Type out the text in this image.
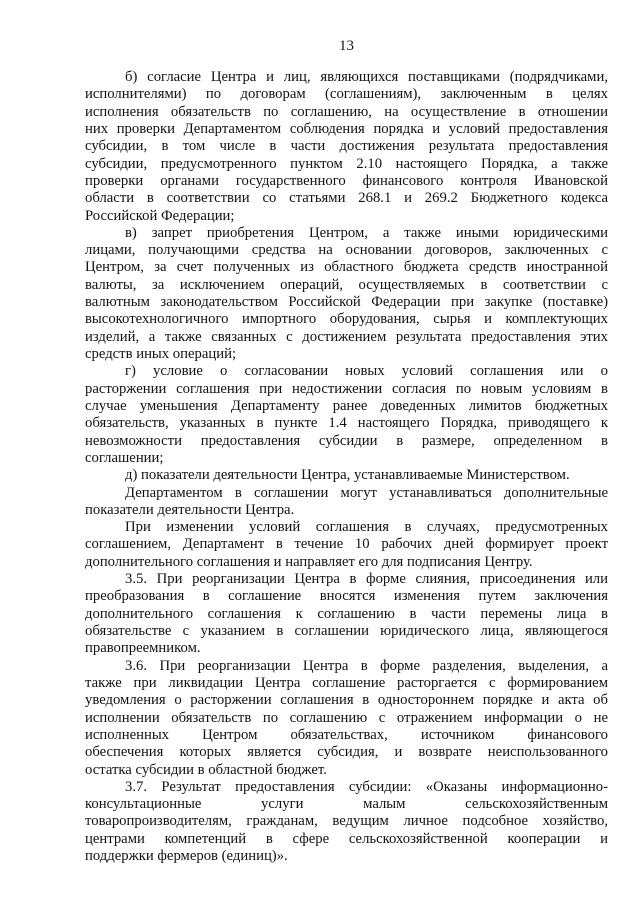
13
б) согласие Центра и лиц, являющихся поставщиками (подрядчиками,
исполнителями) по договорам (соглашениям), заключенным в целях
исполнения обязательств по соглашению, на осуществление в отношении
них проверки Департаментом соблюдения порядка и условий предоставления
субсидии, в том числе в части достижения результата предоставления
субсидии, предусмотренного пунктом 2.10 настоящего Порядка, а также
проверки органами государственного финансового контроля Ивановской
области в соответствии со статьями 268.1 и 269.2 Бюджетного кодекса
Российской Федерации;
в) запрет приобретения Центром, а также иными юридическими
лицами, получающими средства на основании договоров, заключенных с
Центром, за счет полученных из областного бюджета средств иностранной
валюты, за исключением операций, осуществляемых в соответствии с
валютным законодательством Российской Федерации при закупке (поставке)
высокотехнологичного импортного оборудования, сырья и комплектующих
изделий, а также связанных с достижением результата предоставления этих
средств иных операций;
г) условие о согласовании новых условий соглашения или о
расторжении соглашения при недостижении согласия по новым условиям в
случае уменьшения Департаменту ранее доведенных лимитов бюджетных
обязательств, указанных в пункте 1.4 настоящего Порядка, приводящего к
невозможности предоставления субсидии в размере, определенном в
соглашении;
д) показатели деятельности Центра, устанавливаемые Министерством.
Департаментом в соглашении могут устанавливаться дополнительные
показатели деятельности Центра.
При изменении условий соглашения в случаях, предусмотренных
соглашением, Департамент в течение 10 рабочих дней формирует проект
дополнительного соглашения и направляет его для подписания Центру.
3.5. При реорганизации Центра в форме слияния, присоединения или
преобразования в соглашение вносятся изменения путем заключения
дополнительного соглашения к соглашению в части перемены лица в
обязательстве с указанием в соглашении юридического лица, являющегося
правопреемником.
3.6. При реорганизации Центра в форме разделения, выделения, а
также при ликвидации Центра соглашение расторгается с формированием
уведомления о расторжении соглашения в одностороннем порядке и акта об
исполнении обязательств по соглашению с отражением информации о не
исполненных Центром обязательствах, источником финансового
обеспечения которых является субсидия, и возврате неиспользованного
остатка субсидии в областной бюджет.
3.7. Результат предоставления субсидии: «Оказаны информационно-
консультационные услуги малым сельскохозяйственным
товаропроизводителям, гражданам, ведущим личное подсобное хозяйство,
центрами компетенций в сфере сельскохозяйственной кооперации и
поддержки фермеров (единиц)».
